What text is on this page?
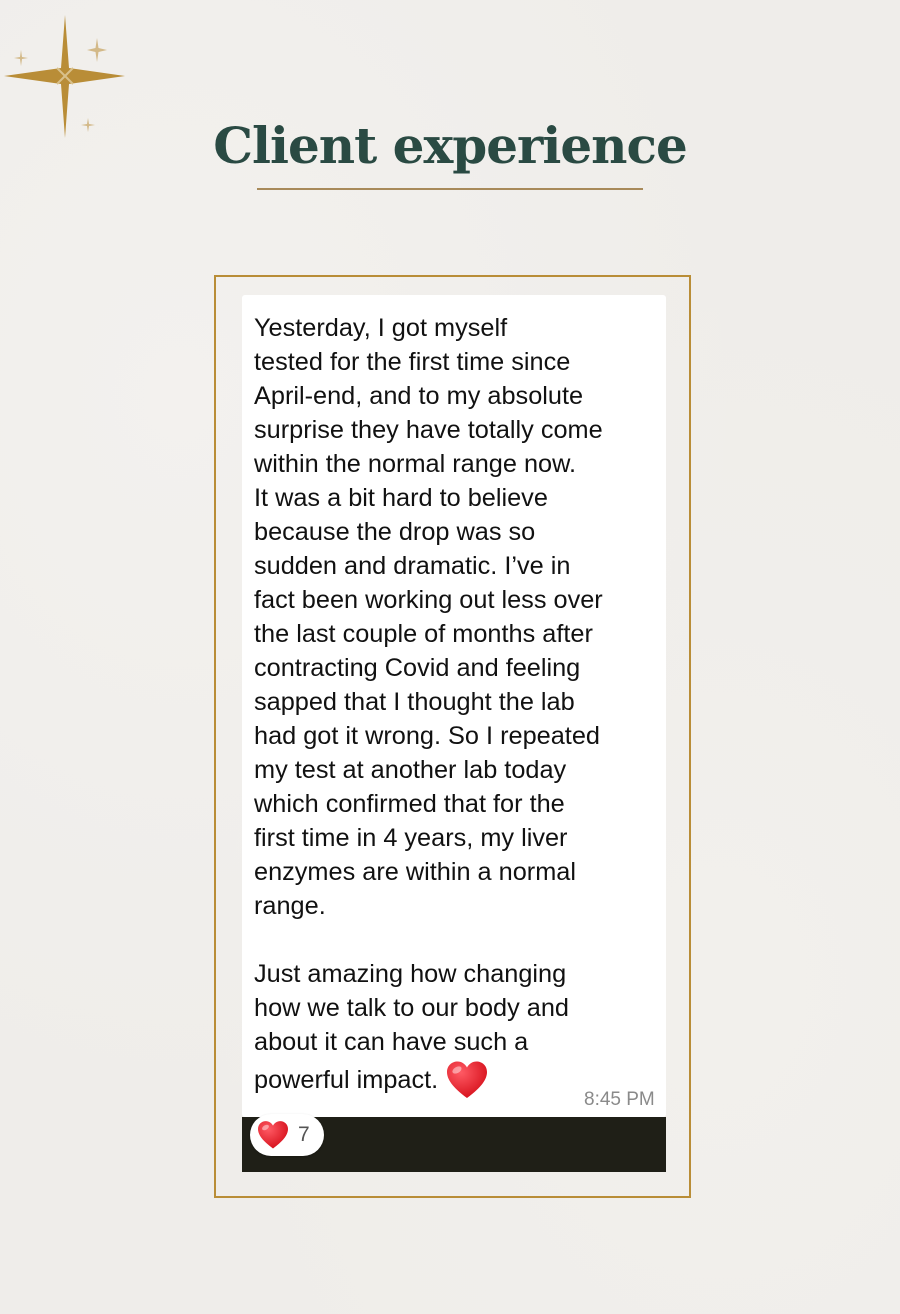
Client experience

Yesterday, I got myself
tested for the first time since
April-end, and to my absolute
surprise they have totally come
within the normal range now.
It was a bit hard to believe
because the drop was so
sudden and dramatic. I’ve in
fact been working out less over
the last couple of months after
contracting Covid and feeling
sapped that I thought the lab
had got it wrong. So I repeated
my test at another lab today
which confirmed that for the
first time in 4 years, my liver
enzymes are within a normal
range.

Just amazing how changing
how we talk to our body and
about it can have such a

powerful impact.
8:45 PM
7
